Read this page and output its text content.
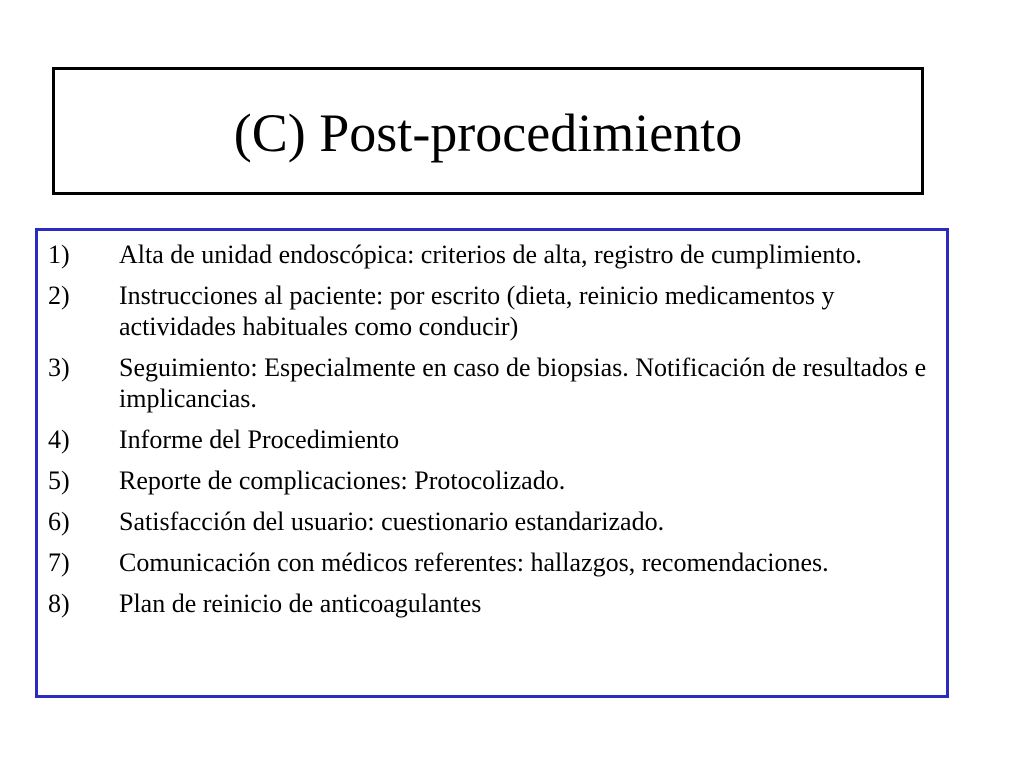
(C) Post-procedimiento
1)	Alta de unidad endoscópica: criterios de alta, registro de cumplimiento.
2)	Instrucciones al paciente: por escrito (dieta, reinicio medicamentos y actividades habituales como conducir)
3)	Seguimiento: Especialmente en caso de biopsias. Notificación de resultados e implicancias.
4)	Informe del Procedimiento
5)	Reporte de complicaciones: Protocolizado.
6)	Satisfacción del usuario: cuestionario estandarizado.
7)	Comunicación con médicos referentes: hallazgos, recomendaciones.
8)	Plan de reinicio de anticoagulantes
